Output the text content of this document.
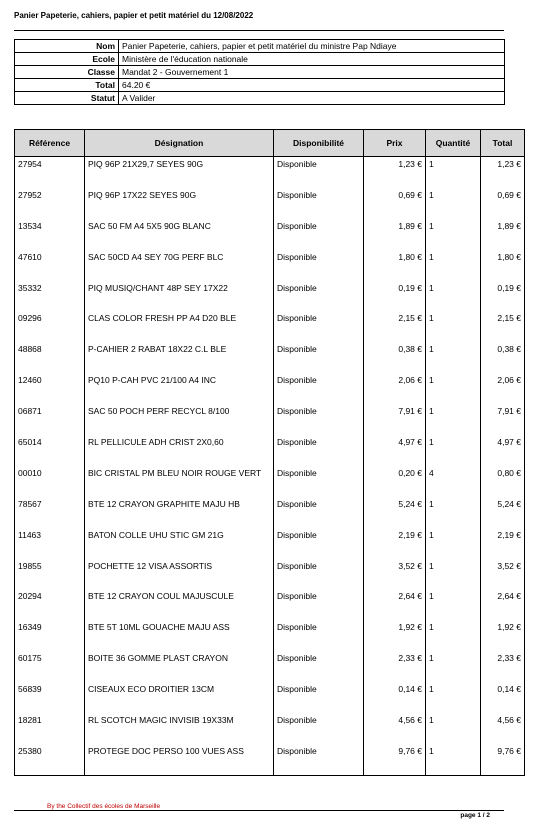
Panier Papeterie, cahiers, papier et petit matériel du 12/08/2022
Nom	Panier Papeterie, cahiers, papier et petit matériel du ministre Pap Ndiaye
Ecole	Ministère de l'éducation nationale
Classe	Mandat 2 - Gouvernement 1
Total	64.20 €
Statut	A Valider
Référence	Désignation	Disponibilité	Prix	Quantité	Total
27954	PIQ 96P 21X29,7 SEYES 90G	Disponible	1,23 €	1	1,23 €
27952	PIQ 96P 17X22 SEYES 90G	Disponible	0,69 €	1	0,69 €
13534	SAC 50 FM A4 5X5 90G BLANC	Disponible	1,89 €	1	1,89 €
47610	SAC 50CD A4 SEY 70G PERF BLC	Disponible	1,80 €	1	1,80 €
35332	PIQ MUSIQ/CHANT 48P SEY 17X22	Disponible	0,19 €	1	0,19 €
09296	CLAS COLOR FRESH PP A4 D20 BLE	Disponible	2,15 €	1	2,15 €
48868	P-CAHIER 2 RABAT 18X22 C.L BLE	Disponible	0,38 €	1	0,38 €
12460	PQ10 P-CAH PVC 21/100 A4 INC	Disponible	2,06 €	1	2,06 €
06871	SAC 50 POCH PERF RECYCL 8/100	Disponible	7,91 €	1	7,91 €
65014	RL PELLICULE ADH CRIST 2X0,60	Disponible	4,97 €	1	4,97 €
00010	BIC CRISTAL PM BLEU NOIR ROUGE VERT	Disponible	0,20 €	4	0,80 €
78567	BTE 12 CRAYON GRAPHITE MAJU HB	Disponible	5,24 €	1	5,24 €
11463	BATON COLLE UHU STIC GM 21G	Disponible	2,19 €	1	2,19 €
19855	POCHETTE 12 VISA ASSORTIS	Disponible	3,52 €	1	3,52 €
20294	BTE 12 CRAYON COUL MAJUSCULE	Disponible	2,64 €	1	2,64 €
16349	BTE 5T 10ML GOUACHE MAJU ASS	Disponible	1,92 €	1	1,92 €
60175	BOITE 36 GOMME PLAST CRAYON	Disponible	2,33 €	1	2,33 €
56839	CISEAUX ECO DROITIER 13CM	Disponible	0,14 €	1	0,14 €
18281	RL SCOTCH MAGIC INVISIB 19X33M	Disponible	4,56 €	1	4,56 €
25380	PROTEGE DOC PERSO 100 VUES ASS	Disponible	9,76 €	1	9,76 €
By the Collectif des écoles de Marseille
page 1 / 2
